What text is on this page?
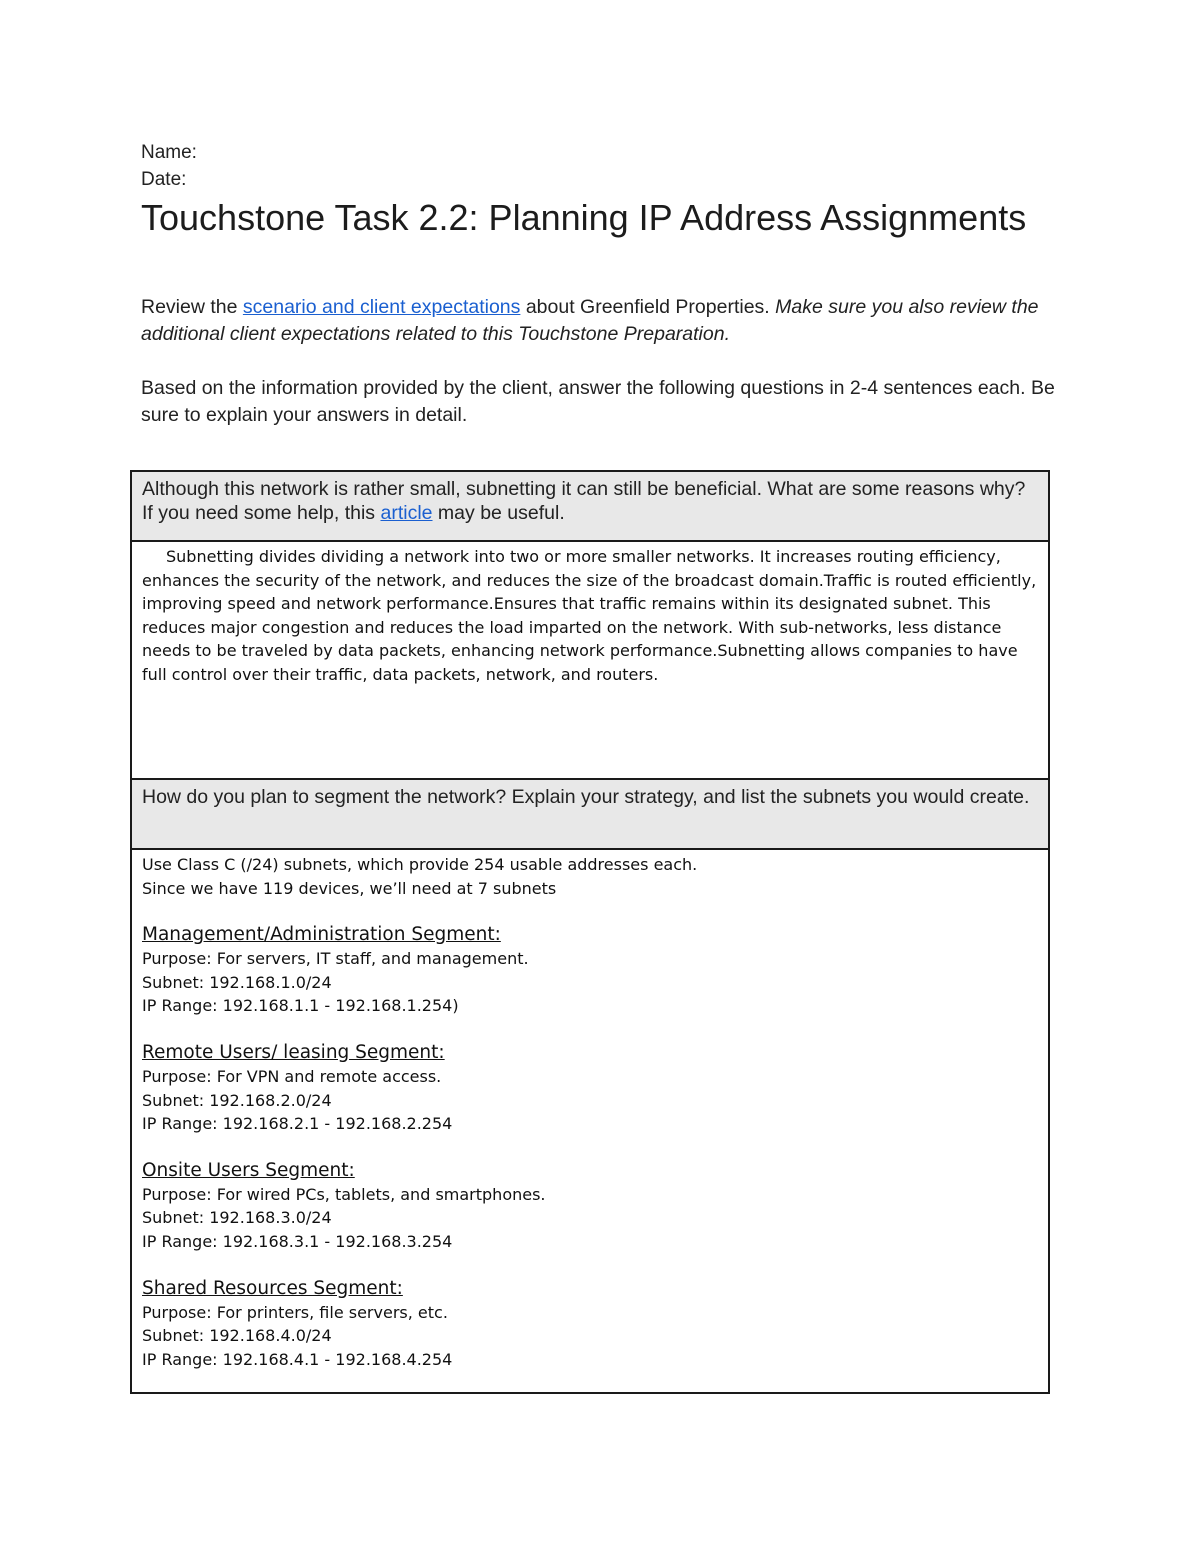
Name:
Date:
Touchstone Task 2.2: Planning IP Address Assignments

Review the scenario and client expectations about Greenfield Properties. Make sure you also review the additional client expectations related to this Touchstone Preparation.

Based on the information provided by the client, answer the following questions in 2-4 sentences each. Be sure to explain your answers in detail.

Although this network is rather small, subnetting it can still be beneficial. What are some reasons why? If you need some help, this article may be useful.

Subnetting divides dividing a network into two or more smaller networks. It increases routing efficiency, enhances the security of the network, and reduces the size of the broadcast domain.Traffic is routed efficiently, improving speed and network performance.Ensures that traffic remains within its designated subnet. This reduces major congestion and reduces the load imparted on the network. With sub-networks, less distance needs to be traveled by data packets, enhancing network performance.Subnetting allows companies to have full control over their traffic, data packets, network, and routers.

How do you plan to segment the network? Explain your strategy, and list the subnets you would create.

Use Class C (/24) subnets, which provide 254 usable addresses each.
Since we have 119 devices, we’ll need at 7 subnets
Management/Administration Segment:
Purpose: For servers, IT staff, and management.
Subnet: 192.168.1.0/24
IP Range: 192.168.1.1 - 192.168.1.254)
Remote Users/ leasing Segment:
Purpose: For VPN and remote access.
Subnet: 192.168.2.0/24
IP Range: 192.168.2.1 - 192.168.2.254
Onsite Users Segment:
Purpose: For wired PCs, tablets, and smartphones.
Subnet: 192.168.3.0/24
IP Range: 192.168.3.1 - 192.168.3.254
Shared Resources Segment:
Purpose: For printers, file servers, etc.
Subnet: 192.168.4.0/24
IP Range: 192.168.4.1 - 192.168.4.254
